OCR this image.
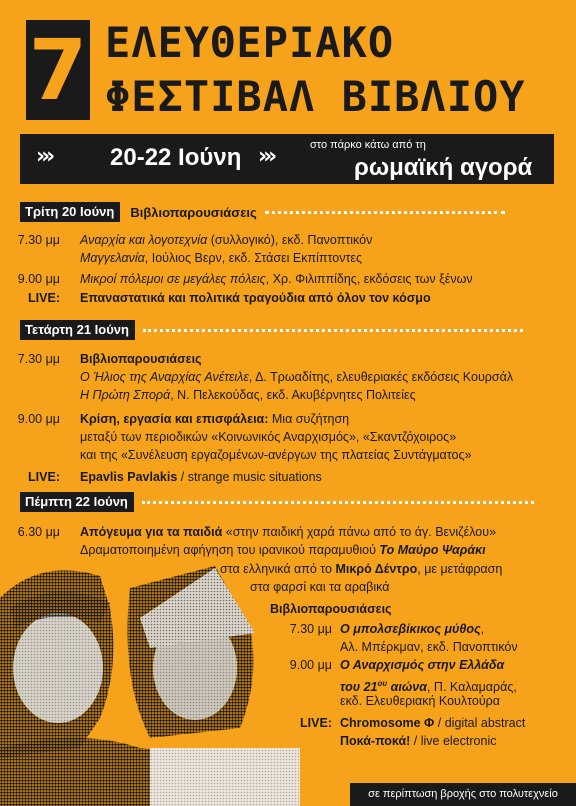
7 ΕΛΕΥΘΕΡΙΑΚΟ
ΦΕΣΤΙΒΑΛ ΒΙΒΛΙΟΥ
››› 20-22 Ιούνη ›››	στο πάρκο κάτω από τη
ρωμαϊκή αγορά
Τρίτη 20 Ιούνη	Βιβλιοπαρουσιάσεις
7.30 μμ Αναρχία και λογοτεχνία (συλλογικό), εκδ. Πανοπτικόν
Μαγγελανία, Ιούλιος Βερν, εκδ. Στάσει Εκπίπτοντες
9.00 μμ Μικροί πόλεμοι σε μεγάλες πόλεις, Χρ. Φιλιππίδης, εκδόσεις των ξένων
LIVE: Επαναστατικά και πολιτικά τραγούδια από όλον τον κόσμο
Τετάρτη 21 Ιούνη
7.30 μμ Βιβλιοπαρουσιάσεις
Ο Ήλιος της Αναρχίας Ανέτειλε, Δ. Τρωαδίτης, ελευθεριακές εκδόσεις Κουρσάλ
Η Πρώτη Σπορά, Ν. Πελεκούδας, εκδ. Ακυβέρνητες Πολιτείες
9.00 μμ Κρίση, εργασία και επισφάλεια: Μια συζήτηση
μεταξύ των περιοδικών «Κοινωνικός Αναρχισμός», «Σκαντζόχοιρος»
και της «Συνέλευση εργαζομένων-ανέργων της πλατείας Συντάγματος»
LIVE: Epavlis Pavlakis / strange music situations
Πέμπτη 22 Ιούνη
6.30 μμ Απόγευμα για τα παιδιά «στην παιδική χαρά πάνω από το άγ. Βενιζέλου»
Δραματοποιημένη αφήγηση του ιρανικού παραμυθιού Το Μαύρο Ψαράκι
στα ελληνικά από το Μικρό Δέντρο, με μετάφραση
στα φαρσί και τα αραβικά
Βιβλιοπαρουσιάσεις
7.30 μμ Ο μπολσεβίκικος μύθος,
Αλ. Μπέρκμαν, εκδ. Πανοπτικόν
9.00 μμ Ο Αναρχισμός στην Ελλάδα
του $21^{o\upsilon}$ αιώνα, Π. Καλαμαράς,
εκδ. Ελευθεριακή Κουλτούρα
LIVE: Chromosome Φ / digital abstract
Ποκά-ποκά! / live electronic
σε περίπτωση βροχής στο πολυτεχνείο
